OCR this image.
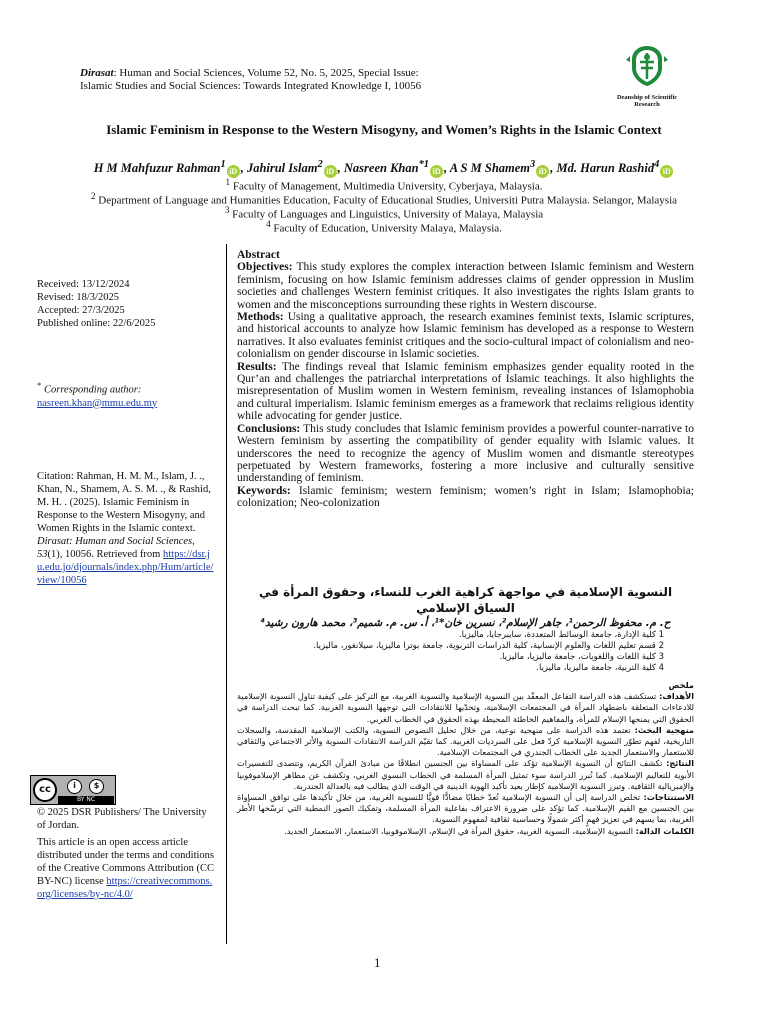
Dirasat: Human and Social Sciences, Volume 52, No. 5, 2025, Special Issue:
Islamic Studies and Social Sciences: Towards Integrated Knowledge I, 10056
Deanship of Scientific Research
Islamic Feminism in Response to the Western Misogyny, and Women’s Rights in the Islamic Context
H M Mahfuzur Rahman$^1$iD , Jahirul Islam$^2$iD , Nasreen Khan$^{*1}$iD , A S M Shamem$^3$iD , Md. Harun Rashid$^4$iD
$^1$ Faculty of Management, Multimedia University, Cyberjaya, Malaysia.
$^2$ Department of Language and Humanities Education, Faculty of Educational Studies, Universiti Putra Malaysia. Selangor, Malaysia
$^3$ Faculty of Languages and Linguistics, University of Malaya, Malaysia
$^4$ Faculty of Education, University Malaya, Malaysia.
Received: 13/12/2024
Revised: 18/3/2025
Accepted: 27/3/2025
Published online: 22/6/2025
* Corresponding author:
nasreen.khan@mmu.edu.my
Citation: Rahman, H. M. M., Islam, J. ., Khan, N., Shamem, A. S. M. ., & Rashid, M. H. . (2025). Islamic Feminism in Response to the Western Misogyny, and Women Rights in the Islamic context. Dirasat: Human and Social Sciences, 53(1), 10056. Retrieved from https://dsr.ju.edu.jo/djournals/index.php/Hum/article/view/10056
cc	i	$
BY NC
© 2025 DSR Publishers/ The University of Jordan.
This article is an open access article distributed under the terms and conditions of the Creative Commons Attribution (CC BY-NC) license https://creativecommons.org/licenses/by-nc/4.0/
Abstract
Objectives: This study explores the complex interaction between Islamic feminism and Western feminism, focusing on how Islamic feminism addresses claims of gender oppression in Muslim societies and challenges Western feminist critiques. It also investigates the rights Islam grants to women and the misconceptions surrounding these rights in Western discourse.
Methods: Using a qualitative approach, the research examines feminist texts, Islamic scriptures, and historical accounts to analyze how Islamic feminism has developed as a response to Western narratives. It also evaluates feminist critiques and the socio-cultural impact of colonialism and neo-colonialism on gender discourse in Islamic societies.
Results: The findings reveal that Islamic feminism emphasizes gender equality rooted in the Qur’an and challenges the patriarchal interpretations of Islamic teachings. It also highlights the misrepresentation of Muslim women in Western feminism, revealing instances of Islamophobia and cultural imperialism. Islamic feminism emerges as a framework that reclaims religious identity while advocating for gender justice.
Conclusions: This study concludes that Islamic feminism provides a powerful counter-narrative to Western feminism by asserting the compatibility of gender equality with Islamic values. It underscores the need to recognize the agency of Muslim women and dismantle stereotypes perpetuated by Western frameworks, fostering a more inclusive and culturally sensitive understanding of feminism.
Keywords: Islamic feminism; western feminism; women’s right in Islam; Islamophobia; colonization; Neo-colonization
النسوية الإسلامية في مواجهة كراهية الغرب للنساء، وحقوق المرأة في السياق الإسلامي
ح. م. محفوظ الرحمن¹، جاهر الإسلام²، نسرين خان*¹، أ. س. م. شميم³، محمد هارون رشيد⁴
1 كلية الإدارة، جامعة الوسائط المتعددة، سايبرجايا، ماليزيا.
2 قسم تعليم اللغات والعلوم الإنسانية، كلية الدراسات التربوية، جامعة بوترا ماليزيا، سيلانغور، ماليزيا.
3 كلية اللغات واللغويات، جامعة ماليزيا، ماليزيا.
4 كلية التربية، جامعة ماليزيا، ماليزيا.
ملخص
الأهداف: تستكشف هذه الدراسة التفاعل المعقّد بين النسوية الإسلامية والنسوية الغربية، مع التركيز على كيفية تناول النسوية الإسلامية للادعاءات المتعلقة باضطهاد المرأة في المجتمعات الإسلامية، وتحدّيها للانتقادات التي توجهها النسوية الغربية. كما تبحث الدراسة في الحقوق التي يمنحها الإسلام للمرأة، والمفاهيم الخاطئة المحيطة بهذه الحقوق في الخطاب الغربي.
منهجية البحث: تعتمد هذه الدراسة على منهجية نوعية، من خلال تحليل النصوص النسوية، والكتب الإسلامية المقدسة، والسجلات التاريخية، لفهم تطوّر النسوية الإسلامية كردّ فعل على السرديات الغربية. كما تقيّم الدراسة الانتقادات النسوية والأثر الاجتماعي والثقافي للاستعمار والاستعمار الجديد على الخطاب الجندري في المجتمعات الإسلامية.
النتائج: تكشف النتائج أن النسوية الإسلامية تؤكد على المساواة بين الجنسين انطلاقًا من مبادئ القرآن الكريم، وتتصدى للتفسيرات الأبوية للتعاليم الإسلامية. كما تُبرز الدراسة سوء تمثيل المرأة المسلمة في الخطاب النسوي الغربي، وتكشف عن مظاهر الإسلاموفوبيا والإمبريالية الثقافية. وتبرز النسوية الإسلامية كإطار يعيد تأكيد الهوية الدينية في الوقت الذي يطالب فيه بالعدالة الجندرية.
الاستنتاجات: تخلص الدراسة إلى أن النسوية الإسلامية تُعدّ خطابًا مضادًّا قويًّا للنسوية الغربية، من خلال تأكيدها على توافق المساواة بين الجنسين مع القيم الإسلامية. كما تؤكد على ضرورة الاعتراف بفاعلية المرأة المسلمة، وتفكيك الصور النمطية التي ترسّخها الأُطر الغربية، بما يسهم في تعزيز فهمٍ أكثر شمولًا وحساسية ثقافية لمفهوم النسوية.
الكلمات الدالة: النسوية الإسلامية، النسوية الغربية، حقوق المرأة في الإسلام، الإسلاموفوبيا، الاستعمار، الاستعمار الجديد.
1
